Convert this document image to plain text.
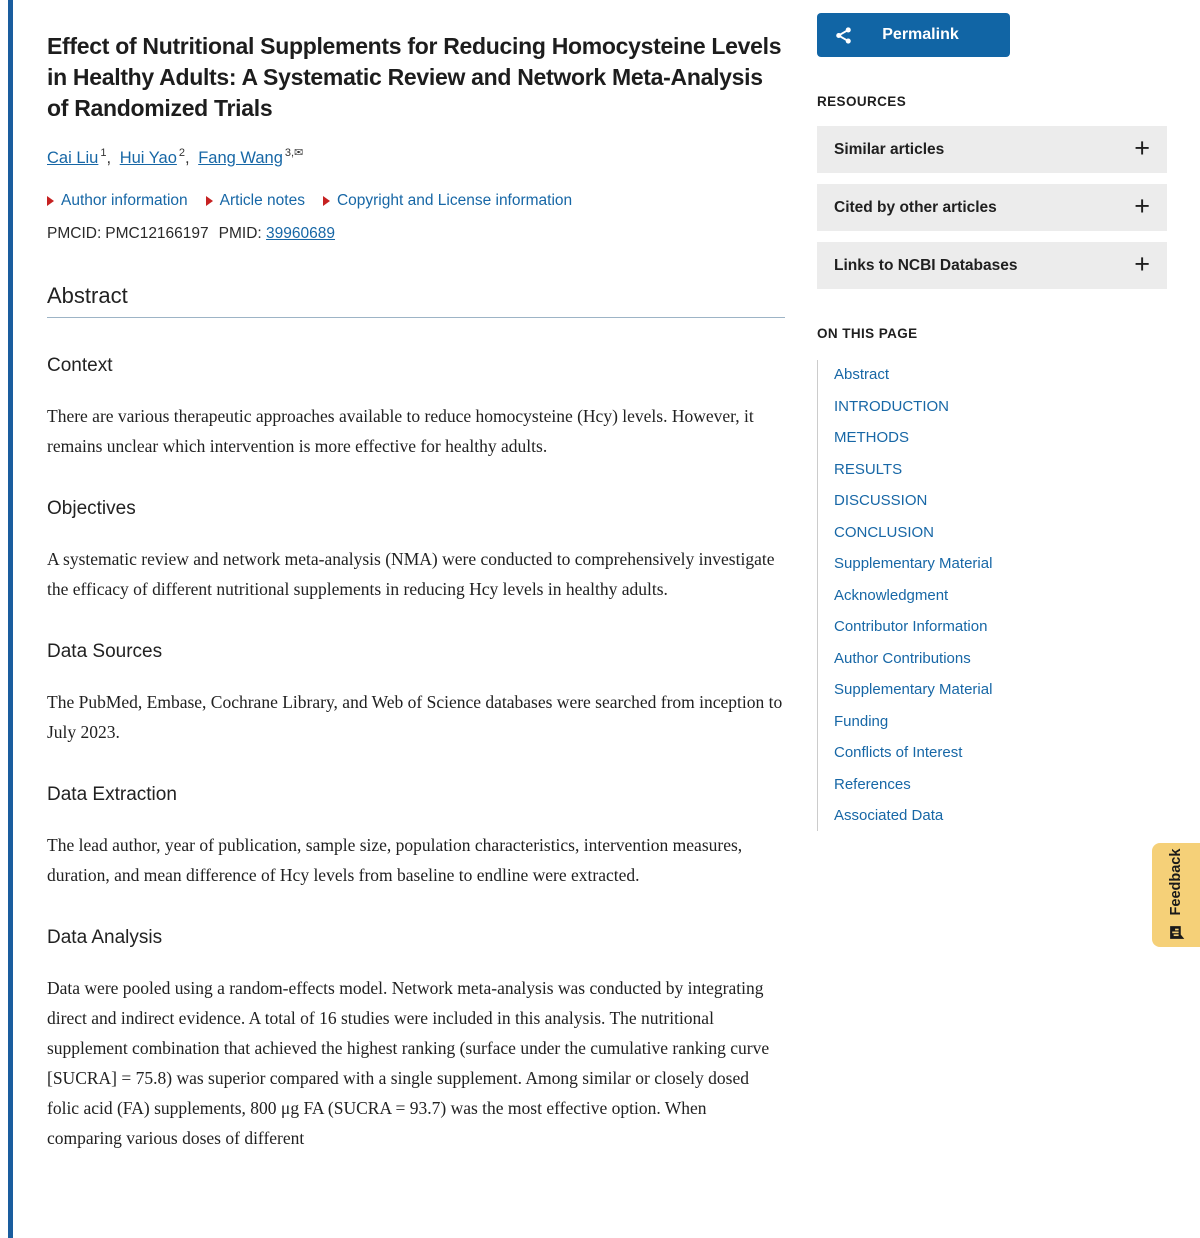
Effect of Nutritional Supplements for Reducing Homocysteine Levels in Healthy Adults: A Systematic Review and Network Meta-Analysis of Randomized Trials
Cai Liu $^1$, Hui Yao $^2$, Fang Wang $^{3,✉}$
Author information Article notes Copyright and License information
PMCID: PMC12166197 PMID: 39960689
Abstract
Context

There are various therapeutic approaches available to reduce homocysteine (Hcy) levels. However, it remains unclear which intervention is more effective for healthy adults.

Objectives

A systematic review and network meta-analysis (NMA) were conducted to comprehensively investigate the efficacy of different nutritional supplements in reducing Hcy levels in healthy adults.

Data Sources

The PubMed, Embase, Cochrane Library, and Web of Science databases were searched from inception to July 2023.

Data Extraction

The lead author, year of publication, sample size, population characteristics, intervention measures, duration, and mean difference of Hcy levels from baseline to endline were extracted.

Data Analysis

Data were pooled using a random-effects model. Network meta-analysis was conducted by integrating direct and indirect evidence. A total of 16 studies were included in this analysis. The nutritional supplement combination that achieved the highest ranking (surface under the cumulative ranking curve [SUCRA] = 75.8) was superior compared with a single supplement. Among similar or closely dosed folic acid (FA) supplements, 800 μg FA (SUCRA = 93.7) was the most effective option. When comparing various doses of different

Permalink
RESOURCES
Similar articles	+
Cited by other articles	+
Links to NCBI Databases	+
ON THIS PAGE
Abstract
INTRODUCTION
METHODS
RESULTS
DISCUSSION
CONCLUSION
Supplementary Material
Acknowledgment
Contributor Information
Author Contributions
Supplementary Material
Funding
Conflicts of Interest
References
Associated Data
Feedback
